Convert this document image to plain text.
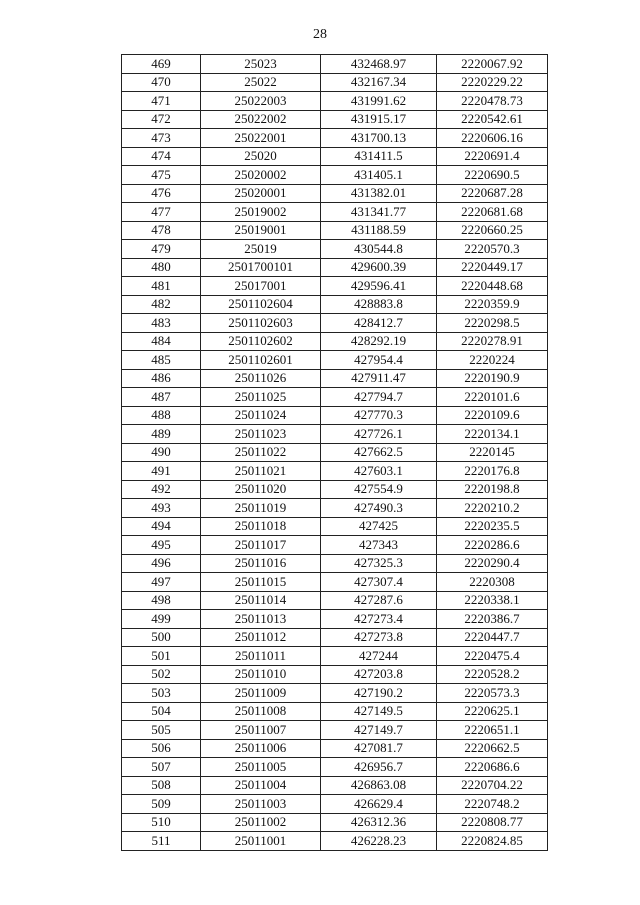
28
469	25023	432468.97	2220067.92
470	25022	432167.34	2220229.22
471	25022003	431991.62	2220478.73
472	25022002	431915.17	2220542.61
473	25022001	431700.13	2220606.16
474	25020	431411.5	2220691.4
475	25020002	431405.1	2220690.5
476	25020001	431382.01	2220687.28
477	25019002	431341.77	2220681.68
478	25019001	431188.59	2220660.25
479	25019	430544.8	2220570.3
480	2501700101	429600.39	2220449.17
481	25017001	429596.41	2220448.68
482	2501102604	428883.8	2220359.9
483	2501102603	428412.7	2220298.5
484	2501102602	428292.19	2220278.91
485	2501102601	427954.4	2220224
486	25011026	427911.47	2220190.9
487	25011025	427794.7	2220101.6
488	25011024	427770.3	2220109.6
489	25011023	427726.1	2220134.1
490	25011022	427662.5	2220145
491	25011021	427603.1	2220176.8
492	25011020	427554.9	2220198.8
493	25011019	427490.3	2220210.2
494	25011018	427425	2220235.5
495	25011017	427343	2220286.6
496	25011016	427325.3	2220290.4
497	25011015	427307.4	2220308
498	25011014	427287.6	2220338.1
499	25011013	427273.4	2220386.7
500	25011012	427273.8	2220447.7
501	25011011	427244	2220475.4
502	25011010	427203.8	2220528.2
503	25011009	427190.2	2220573.3
504	25011008	427149.5	2220625.1
505	25011007	427149.7	2220651.1
506	25011006	427081.7	2220662.5
507	25011005	426956.7	2220686.6
508	25011004	426863.08	2220704.22
509	25011003	426629.4	2220748.2
510	25011002	426312.36	2220808.77
511	25011001	426228.23	2220824.85
